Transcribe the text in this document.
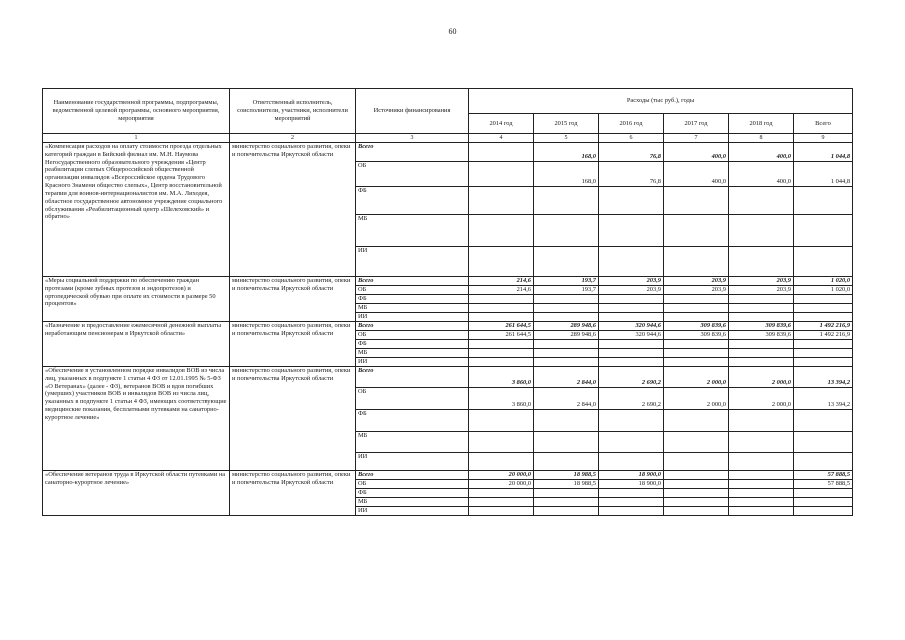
60
Наименование государственной программы, подпрограммы, ведомственной целевой программы, основного мероприятия, мероприятия	Ответственный исполнитель, соисполнители, участники, исполнители мероприятий	Источники финансирования	Расходы (тыс руб.), годы					
			2014 год	2015 год	2016 год	2017 год	2018 год	Всего
1	2	3	4	5	6	7	8	9
«Компенсация расходов на оплату стоимости проезда отдельных категорий граждан в Бийский филиал им. М.Н. Наумова Негосударственного образовательного учреждения «Центр реабилитации слепых Общероссийской общественной организации инвалидов «Всероссийское ордена Трудового Красного Знамени общество слепых», Центр восстановительной терапии для воинов-интернационалистов им. М.А. Лиходея, областное государственное автономное учреждение социального обслуживания «Реабилитационный центр «Шелеховский» и обратно»	министерство социального развития, опеки и попечительства Иркутской области	Всего		168,0	76,8	400,0	400,0	1 044,8
		ОБ		168,0	76,8	400,0	400,0	1 044,8
		ФБ						
		МБ						
		ИИ						
«Меры социальной поддержки по обеспечению граждан протезами (кроме зубных протезов и эндопротезов) и ортопедической обувью при оплате их стоимости в размере 50 процентов»	министерство социального развития, опеки и попечительства Иркутской области	Всего	214,6	193,7	203,9	203,9	203,9	1 020,0
		ОБ	214,6	193,7	203,9	203,9	203,9	1 020,0
		ФБ						
		МБ						
		ИИ						
«Назначение и предоставление ежемесячной денежной выплаты неработающим пенсионерам в Иркутской области»	министерство социального развития, опеки и попечительства Иркутской области	Всего	261 644,5	289 948,6	320 944,6	309 839,6	309 839,6	1 492 216,9
		ОБ	261 644,5	289 948,6	320 944,6	309 839,6	309 839,6	1 492 216,9
		ФБ						
		МБ						
		ИИ						
«Обеспечение в установленном порядке инвалидов ВОВ из числа лиц, указанных в подпункте 1 статьи 4 ФЗ от 12.01.1995 № 5-ФЗ «О Ветеранах» (далее - ФЗ), ветеранов ВОВ и вдов погибших (умерших) участников ВОВ и инвалидов ВОВ из числа лиц, указанных в подпункте 1 статьи 4 ФЗ, имеющих соответствующие медицинские показания, бесплатными путевками на санаторно-курортное лечение»	министерство социального развития, опеки и попечительства Иркутской области	Всего	3 860,0	2 844,0	2 690,2	2 000,0	2 000,0	13 394,2
		ОБ	3 860,0	2 844,0	2 690,2	2 000,0	2 000,0	13 394,2
		ФБ						
		МБ						
		ИИ						
«Обеспечение ветеранов труда в Иркутской области путевками на санаторно-курортное лечение»	министерство социального развития, опеки и попечительства Иркутской области	Всего	20 000,0	18 988,5	18 900,0			57 888,5
		ОБ	20 000,0	18 988,5	18 900,0			57 888,5
		ФБ						
		МБ						
		ИИ						
